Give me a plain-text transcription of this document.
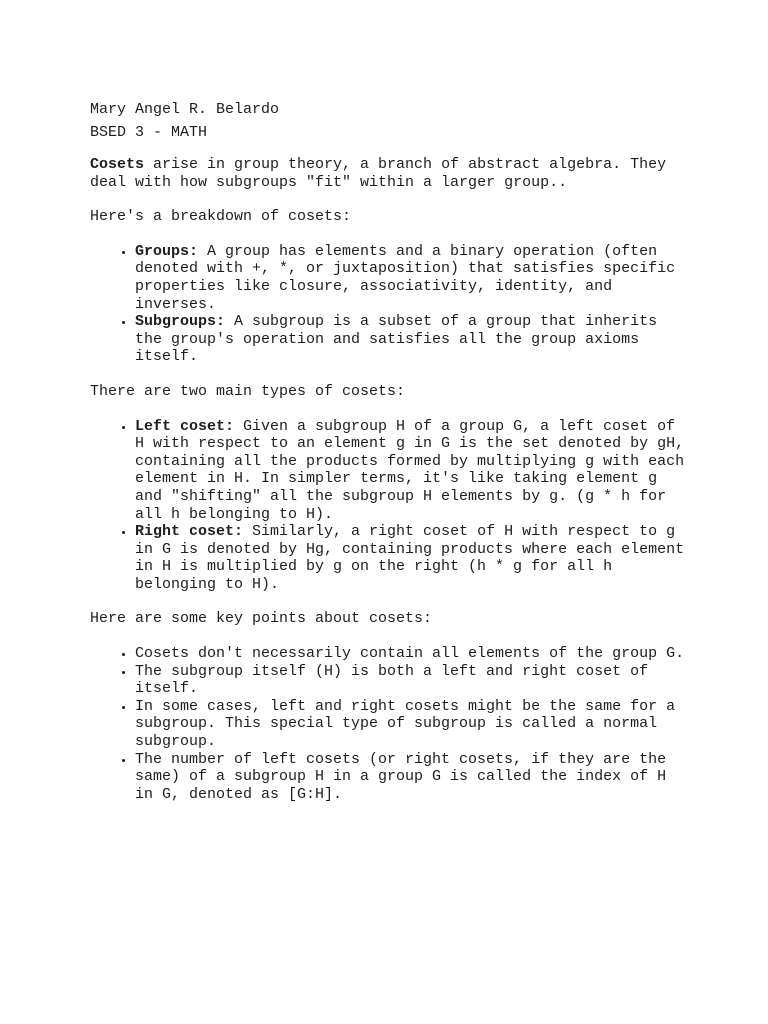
Mary Angel R. Belardo

BSED 3 - MATH

Cosets arise in group theory, a branch of abstract algebra. They deal with how subgroups "fit" within a larger group..

Here's a breakdown of cosets:

• Groups: A group has elements and a binary operation (often denoted with +, *, or juxtaposition) that satisfies specific properties like closure, associativity, identity, and inverses.
• Subgroups: A subgroup is a subset of a group that inherits the group's operation and satisfies all the group axioms itself.

There are two main types of cosets:

• Left coset: Given a subgroup H of a group G, a left coset of H with respect to an element g in G is the set denoted by gH, containing all the products formed by multiplying g with each element in H. In simpler terms, it's like taking element g and "shifting" all the subgroup H elements by g. (g * h for all h belonging to H).
• Right coset: Similarly, a right coset of H with respect to g in G is denoted by Hg, containing products where each element in H is multiplied by g on the right (h * g for all h belonging to H).

Here are some key points about cosets:

• Cosets don't necessarily contain all elements of the group G.
• The subgroup itself (H) is both a left and right coset of itself.
• In some cases, left and right cosets might be the same for a subgroup. This special type of subgroup is called a normal subgroup.
• The number of left cosets (or right cosets, if they are the same) of a subgroup H in a group G is called the index of H in G, denoted as [G:H].
